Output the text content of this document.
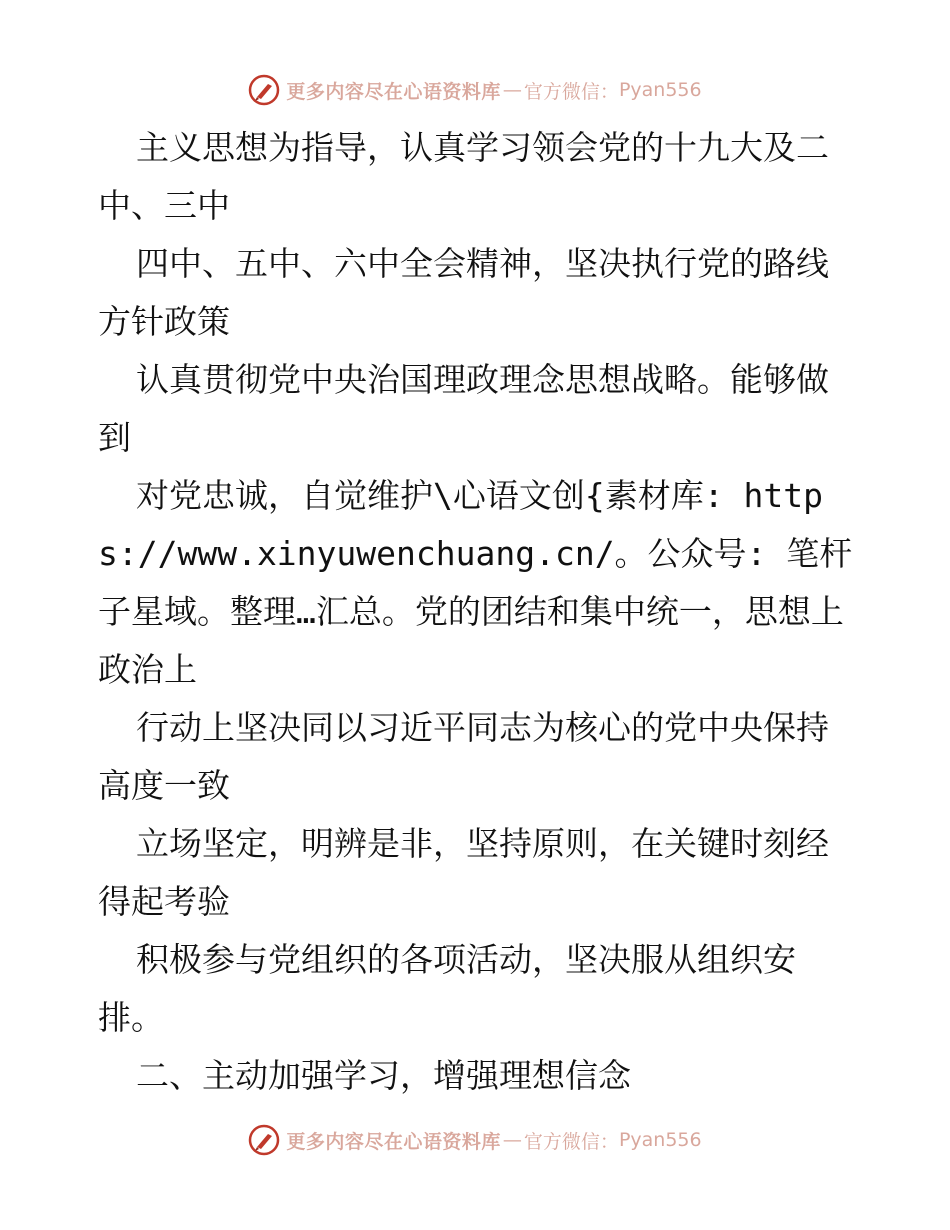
更多内容尽在心语资料库 — 官方微信： Pyan556

主义思想为指导，认真学习领会党的十九大及二中、三中

四中、五中、六中全会精神，坚决执行党的路线方针政策

认真贯彻党中央治国理政理念思想战略。能够做到

对党忠诚，自觉维护\心语文创{素材库: https://www.xinyuwenchuang.cn/。公众号: 笔杆子星域。整理…汇总。党的团结和集中统一，思想上政治上

行动上坚决同以习近平同志为核心的党中央保持高度一致

立场坚定，明辨是非，坚持原则，在关键时刻经得起考验

积极参与党组织的各项活动，坚决服从组织安排。

二、主动加强学习，增强理想信念

更多内容尽在心语资料库 — 官方微信： Pyan556
